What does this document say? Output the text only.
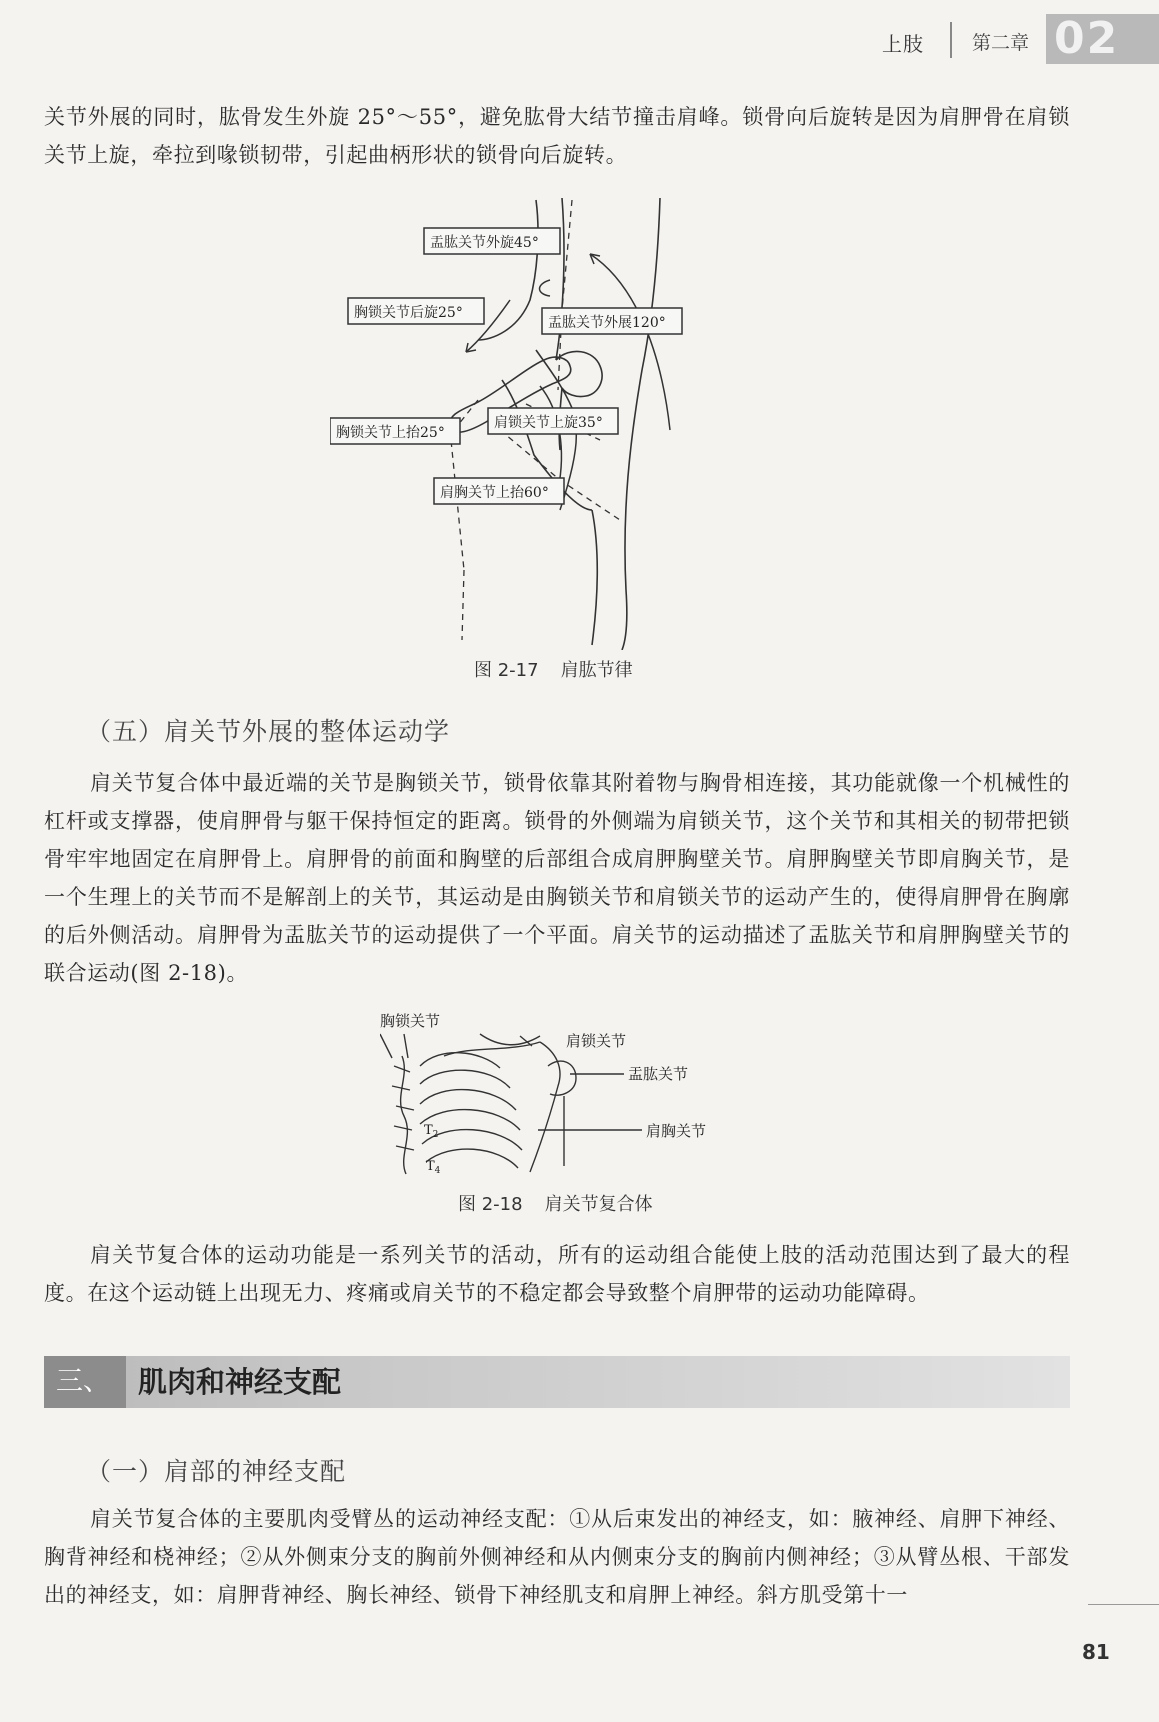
上肢	第二章 02

关节外展的同时，肱骨发生外旋 25°～55°，避免肱骨大结节撞击肩峰。锁骨向后旋转是因为肩胛骨在肩锁关节上旋，牵拉到喙锁韧带，引起曲柄形状的锁骨向后旋转。

盂肱关节外旋45°
胸锁关节后旋25°
盂肱关节外展120°
胸锁关节上抬25°
肩锁关节上旋35°
肩胸关节上抬60°
图 2-17 肩肱节律
（五）肩关节外展的整体运动学

肩关节复合体中最近端的关节是胸锁关节，锁骨依靠其附着物与胸骨相连接，其功能就像一个机械性的杠杆或支撑器，使肩胛骨与躯干保持恒定的距离。锁骨的外侧端为肩锁关节，这个关节和其相关的韧带把锁骨牢牢地固定在肩胛骨上。肩胛骨的前面和胸壁的后部组合成肩胛胸壁关节。肩胛胸壁关节即肩胸关节，是一个生理上的关节而不是解剖上的关节，其运动是由胸锁关节和肩锁关节的运动产生的，使得肩胛骨在胸廓的后外侧活动。肩胛骨为盂肱关节的运动提供了一个平面。肩关节的运动描述了盂肱关节和肩胛胸壁关节的联合运动(图 2-18)。

胸锁关节
肩锁关节
盂肱关节
肩胸关节
$T_2$
$T_4$
图 2-18 肩关节复合体

肩关节复合体的运动功能是一系列关节的活动，所有的运动组合能使上肢的活动范围达到了最大的程度。在这个运动链上出现无力、疼痛或肩关节的不稳定都会导致整个肩胛带的运动功能障碍。

三、 肌肉和神经支配
（一）肩部的神经支配

肩关节复合体的主要肌肉受臂丛的运动神经支配：①从后束发出的神经支，如：腋神经、肩胛下神经、胸背神经和桡神经；②从外侧束分支的胸前外侧神经和从内侧束分支的胸前内侧神经；③从臂丛根、干部发出的神经支，如：肩胛背神经、胸长神经、锁骨下神经肌支和肩胛上神经。斜方肌受第十一

81
